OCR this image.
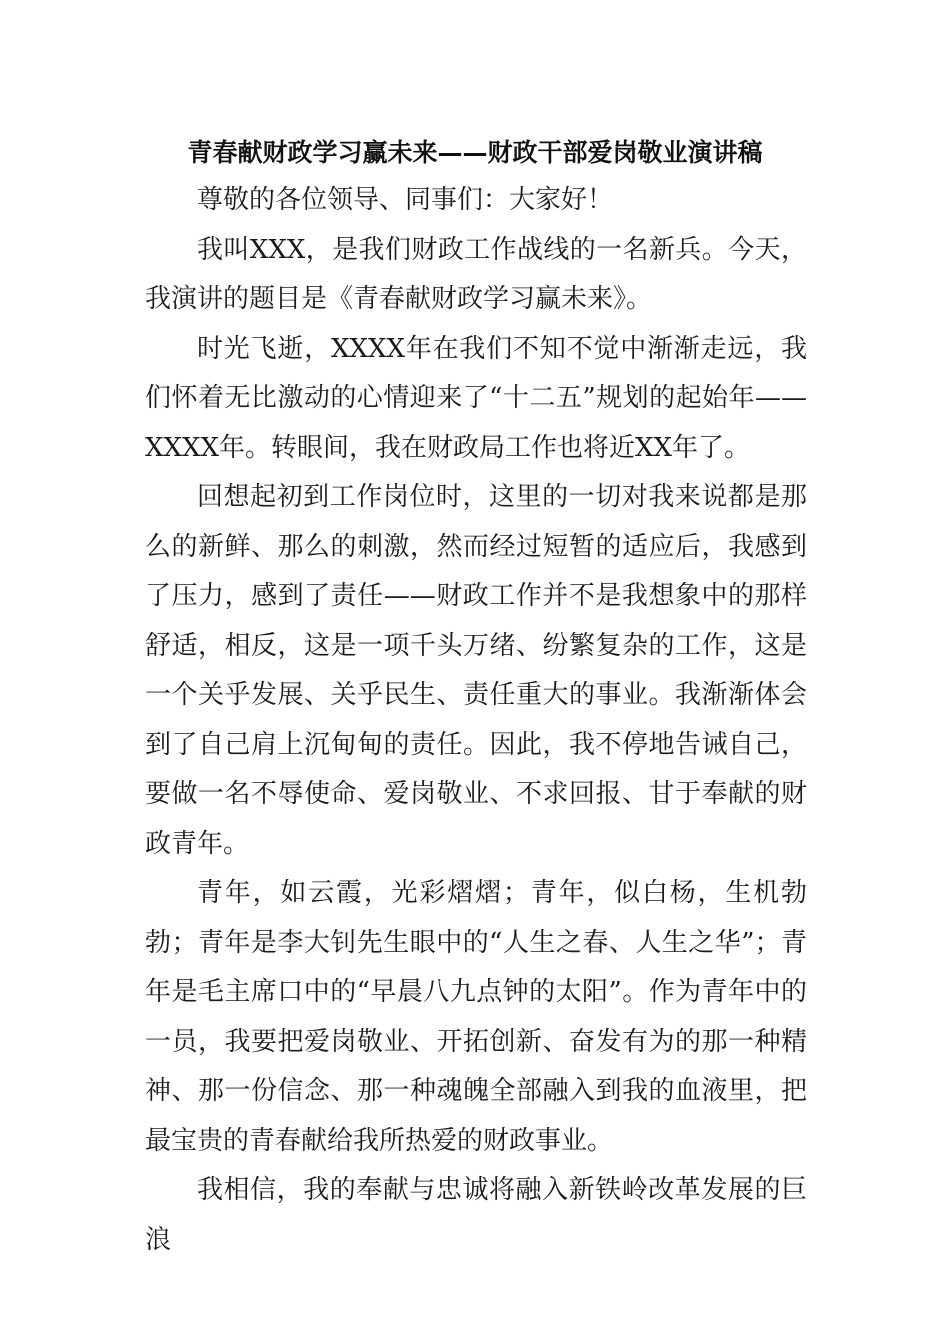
青春献财政学习赢未来——财政干部爱岗敬业演讲稿

尊敬的各位领导、同事们：大家好！

我叫XXX，是我们财政工作战线的一名新兵。今天，我演讲的题目是《青春献财政学习赢未来》。

时光飞逝，XXXX年在我们不知不觉中渐渐走远，我们怀着无比激动的心情迎来了“十二五”规划的起始年——XXXX年。转眼间，我在财政局工作也将近XX年了。

回想起初到工作岗位时，这里的一切对我来说都是那么的新鲜、那么的刺激，然而经过短暂的适应后，我感到了压力，感到了责任——财政工作并不是我想象中的那样舒适，相反，这是一项千头万绪、纷繁复杂的工作，这是一个关乎发展、关乎民生、责任重大的事业。我渐渐体会到了自己肩上沉甸甸的责任。因此，我不停地告诫自己，要做一名不辱使命、爱岗敬业、不求回报、甘于奉献的财政青年。

青年，如云霞，光彩熠熠；青年，似白杨，生机勃勃；青年是李大钊先生眼中的“人生之春、人生之华”；青年是毛主席口中的“早晨八九点钟的太阳”。作为青年中的一员，我要把爱岗敬业、开拓创新、奋发有为的那一种精神、那一份信念、那一种魂魄全部融入到我的血液里，把最宝贵的青春献给我所热爱的财政事业。

我相信，我的奉献与忠诚将融入新铁岭改革发展的巨浪
